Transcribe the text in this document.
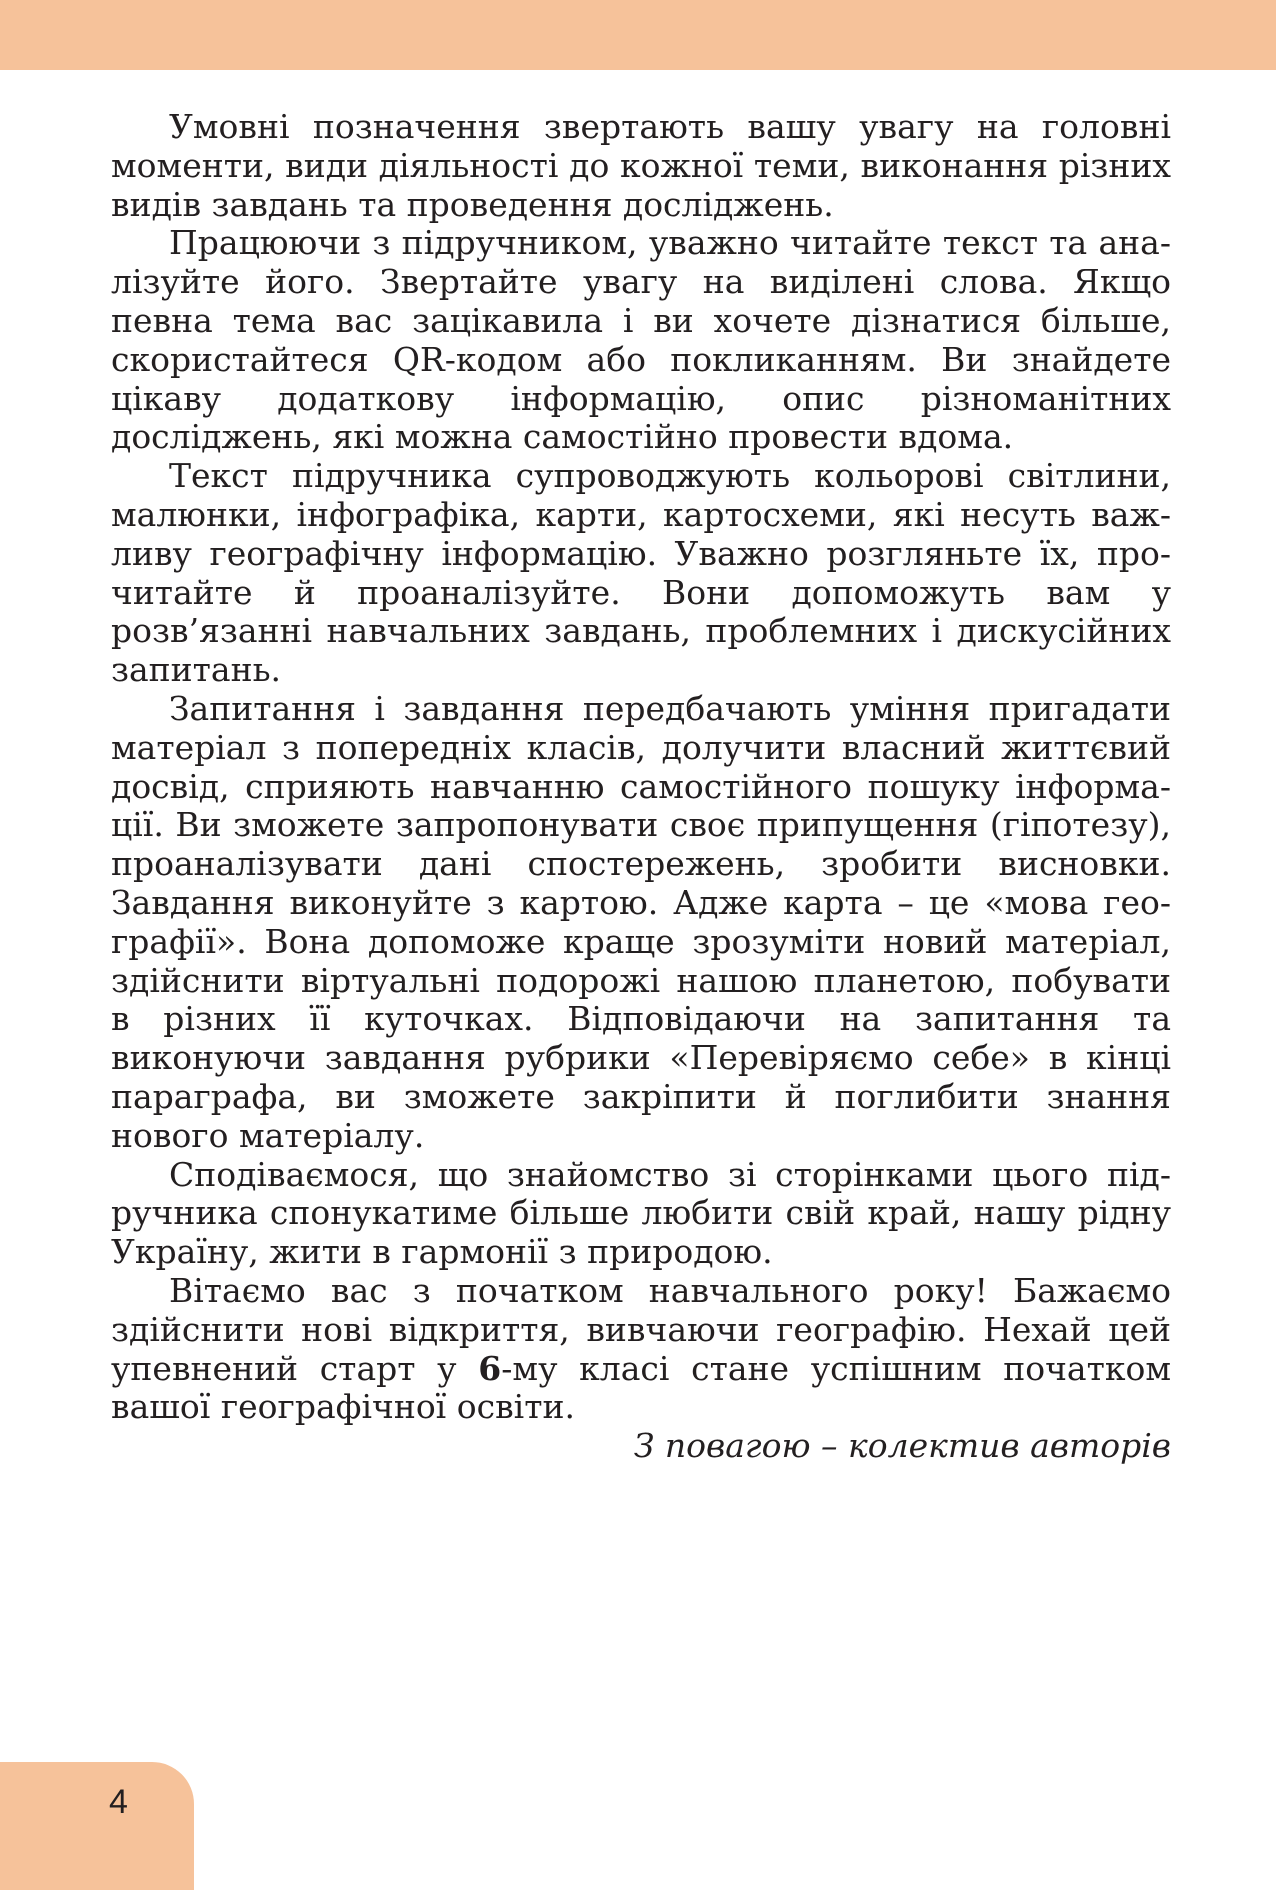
Умовні позначення звертають вашу увагу на головні моменти, види діяльності до кожної теми, виконання різних видів завдань та проведення досліджень.

Працюючи з підручником, уважно читайте текст та аналізуйте його. Звертайте увагу на виділені слова. Якщо певна тема вас зацікавила і ви хочете дізнатися більше, скористайтеся QR-кодом або покликанням. Ви знайдете цікаву додаткову інформацію, опис різноманітних досліджень, які можна самостійно провести вдома.

Текст підручника супроводжують кольорові світлини, малюнки, інфографіка, карти, картосхеми, які несуть важливу географічну інформацію. Уважно розгляньте їх, прочитайте й проаналізуйте. Вони допоможуть вам у розв’язанні навчальних завдань, проблемних і дискусійних запитань.

Запитання і завдання передбачають уміння пригадати матеріал з попередніх класів, долучити власний життєвий досвід, сприяють навчанню самостійного пошуку інформації. Ви зможете запропонувати своє припущення (гіпотезу), проаналізувати дані спостережень, зробити висновки. Завдання виконуйте з картою. Адже карта – це «мова географії». Вона допоможе краще зрозуміти новий матеріал, здійснити віртуальні подорожі нашою планетою, побувати в різних її куточках. Відповідаючи на запитання та виконуючи завдання рубрики «Перевіряємо себе» в кінці параграфа, ви зможете закріпити й поглибити знання нового матеріалу.

Сподіваємося, що знайомство зі сторінками цього підручника спонукатиме більше любити свій край, нашу рідну Україну, жити в гармонії з природою.

Вітаємо вас з початком навчального року! Бажаємо здійснити нові відкриття, вивчаючи географію. Нехай цей упевнений старт у 6-му класі стане успішним початком вашої географічної освіти.

З повагою – колектив авторів

4
